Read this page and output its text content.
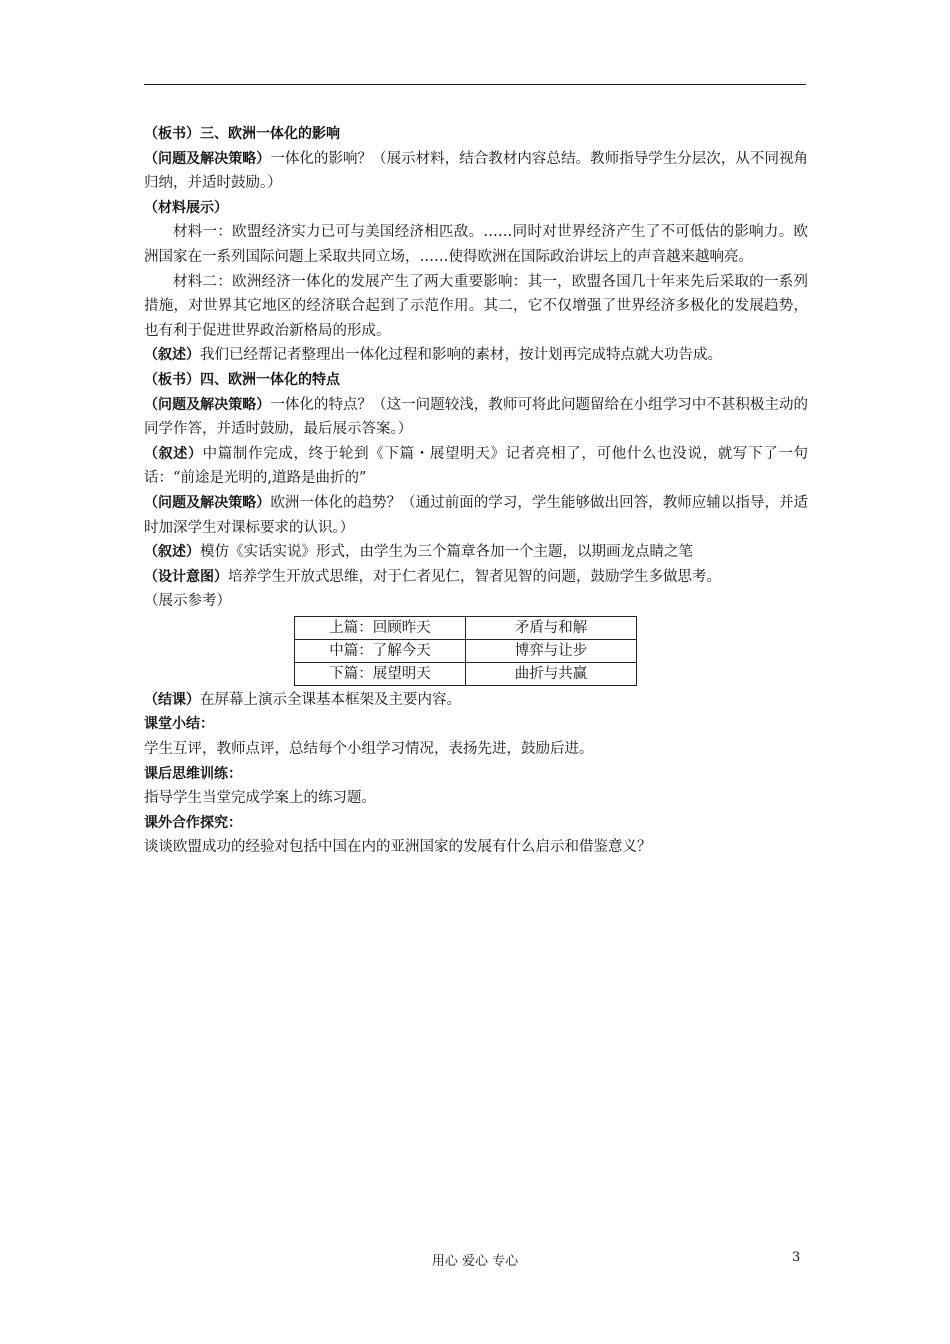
（板书）三、欧洲一体化的影响

（问题及解决策略）一体化的影响？（展示材料，结合教材内容总结。教师指导学生分层次，从不同视角归纳，并适时鼓励。）

（材料展示）

材料一：欧盟经济实力已可与美国经济相匹敌。……同时对世界经济产生了不可低估的影响力。欧洲国家在一系列国际问题上采取共同立场，……使得欧洲在国际政治讲坛上的声音越来越响亮。

材料二：欧洲经济一体化的发展产生了两大重要影响：其一，欧盟各国几十年来先后采取的一系列措施，对世界其它地区的经济联合起到了示范作用。其二，它不仅增强了世界经济多极化的发展趋势，也有利于促进世界政治新格局的形成。

（叙述）我们已经帮记者整理出一体化过程和影响的素材，按计划再完成特点就大功告成。

（板书）四、欧洲一体化的特点

（问题及解决策略）一体化的特点？（这一问题较浅，教师可将此问题留给在小组学习中不甚积极主动的同学作答，并适时鼓励，最后展示答案。）

（叙述）中篇制作完成，终于轮到《下篇・展望明天》记者亮相了，可他什么也没说，就写下了一句话：“前途是光明的,道路是曲折的”

（问题及解决策略）欧洲一体化的趋势？（通过前面的学习，学生能够做出回答，教师应辅以指导，并适时加深学生对课标要求的认识。）

（叙述）模仿《实话实说》形式，由学生为三个篇章各加一个主题，以期画龙点睛之笔

（设计意图）培养学生开放式思维，对于仁者见仁，智者见智的问题，鼓励学生多做思考。

（展示参考）

上篇：回顾昨天	矛盾与和解
中篇：了解今天	博弈与让步
下篇：展望明天	曲折与共赢

（结课）在屏幕上演示全课基本框架及主要内容。

课堂小结：

学生互评，教师点评，总结每个小组学习情况，表扬先进，鼓励后进。

课后思维训练：

指导学生当堂完成学案上的练习题。

课外合作探究：

谈谈欧盟成功的经验对包括中国在内的亚洲国家的发展有什么启示和借鉴意义？

用心 爱心 专心	3
